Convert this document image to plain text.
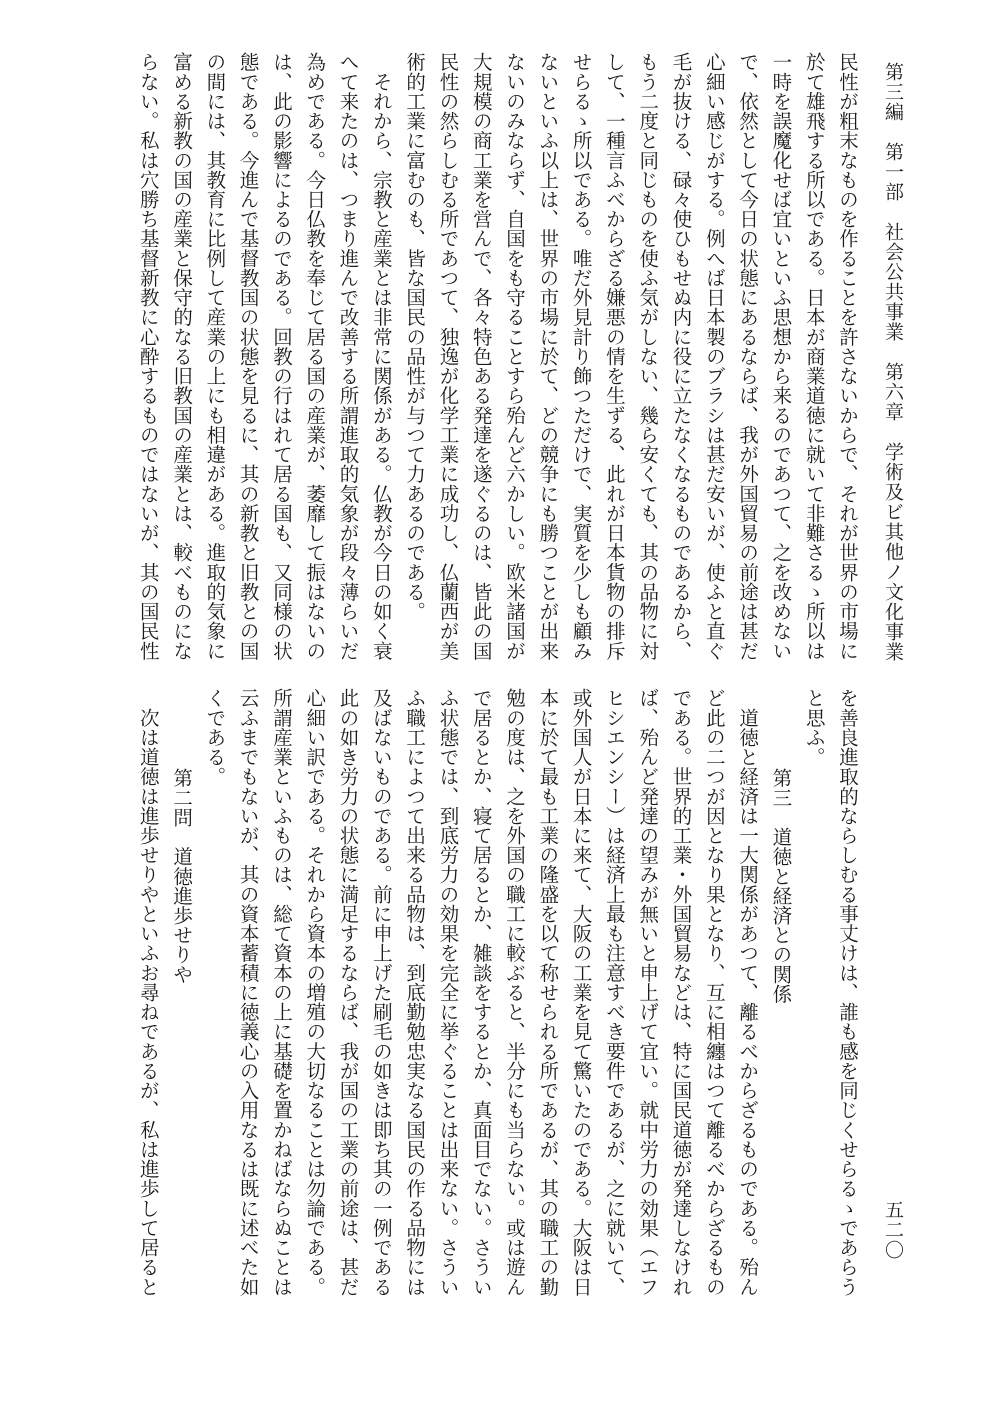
第三編　第一部　社会公共事業　第六章　学術及ビ其他ノ文化事業
五二〇
民性が粗末なものを作ることを許さないからで、それが世界の市場に
於て雄飛する所以である。日本が商業道徳に就いて非難さるゝ所以は
一時を誤魔化せば宜いといふ思想から来るのであつて、之を改めない
で、依然として今日の状態にあるならば、我が外国貿易の前途は甚だ
心細い感じがする。例へば日本製のブラシは甚だ安いが、使ふと直ぐ
毛が抜ける、碌々使ひもせぬ内に役に立たなくなるものであるから、
もう二度と同じものを使ふ気がしない、幾ら安くても、其の品物に対
して、一種言ふべからざる嫌悪の情を生ずる、此れが日本貨物の排斥
せらるゝ所以である。唯だ外見計り飾つただけで、実質を少しも顧み
ないといふ以上は、世界の市場に於て、どの競争にも勝つことが出来
ないのみならず、自国をも守ることすら殆んど六かしい。欧米諸国が
大規模の商工業を営んで、各々特色ある発達を遂ぐるのは、皆此の国
民性の然らしむる所であつて、独逸が化学工業に成功し、仏蘭西が美
術的工業に富むのも、皆な国民の品性が与つて力あるのである。
　それから、宗教と産業とは非常に関係がある。仏教が今日の如く衰
へて来たのは、つまり進んで改善する所謂進取的気象が段々薄らいだ
為めである。今日仏教を奉じて居る国の産業が、萎靡して振はないの
は、此の影響によるのである。回教の行はれて居る国も、又同様の状
態である。今進んで基督教国の状態を見るに、其の新教と旧教との国
の間には、其教育に比例して産業の上にも相違がある。進取的気象に
富める新教の国の産業と保守的なる旧教国の産業とは、較べものにな
らない。私は穴勝ち基督新教に心酔するものではないが、其の国民性
を善良進取的ならしむる事丈けは、誰も感を同じくせらるゝであらう
と思ふ。
第三　道徳と経済との関係
　道徳と経済は一大関係があつて、離るべからざるものである。殆ん
ど此の二つが因となり果となり、互に相纏はつて離るべからざるもの
である。世界的工業・外国貿易などは、特に国民道徳が発達しなけれ
ば、殆んど発達の望みが無いと申上げて宜い。就中労力の効果（エフ
ヒシエンシー）は経済上最も注意すべき要件であるが、之に就いて、
或外国人が日本に来て、大阪の工業を見て驚いたのである。大阪は日
本に於て最も工業の隆盛を以て称せられる所であるが、其の職工の勤
勉の度は、之を外国の職工に較ぶると、半分にも当らない。或は遊ん
で居るとか、寝て居るとか、雑談をするとか、真面目でない。さうい
ふ状態では、到底労力の効果を完全に挙ぐることは出来ない。さうい
ふ職工によつて出来る品物は、到底勤勉忠実なる国民の作る品物には
及ばないものである。前に申上げた刷毛の如きは即ち其の一例である
此の如き労力の状態に満足するならば、我が国の工業の前途は、甚だ
心細い訳である。それから資本の増殖の大切なることは勿論である。
所謂産業といふものは、総て資本の上に基礎を置かねばならぬことは
云ふまでもないが、其の資本蓄積に徳義心の入用なるは既に述べた如
くである。
第二問　道徳進歩せりや
　次は道徳は進歩せりやといふお尋ねであるが、私は進歩して居ると
